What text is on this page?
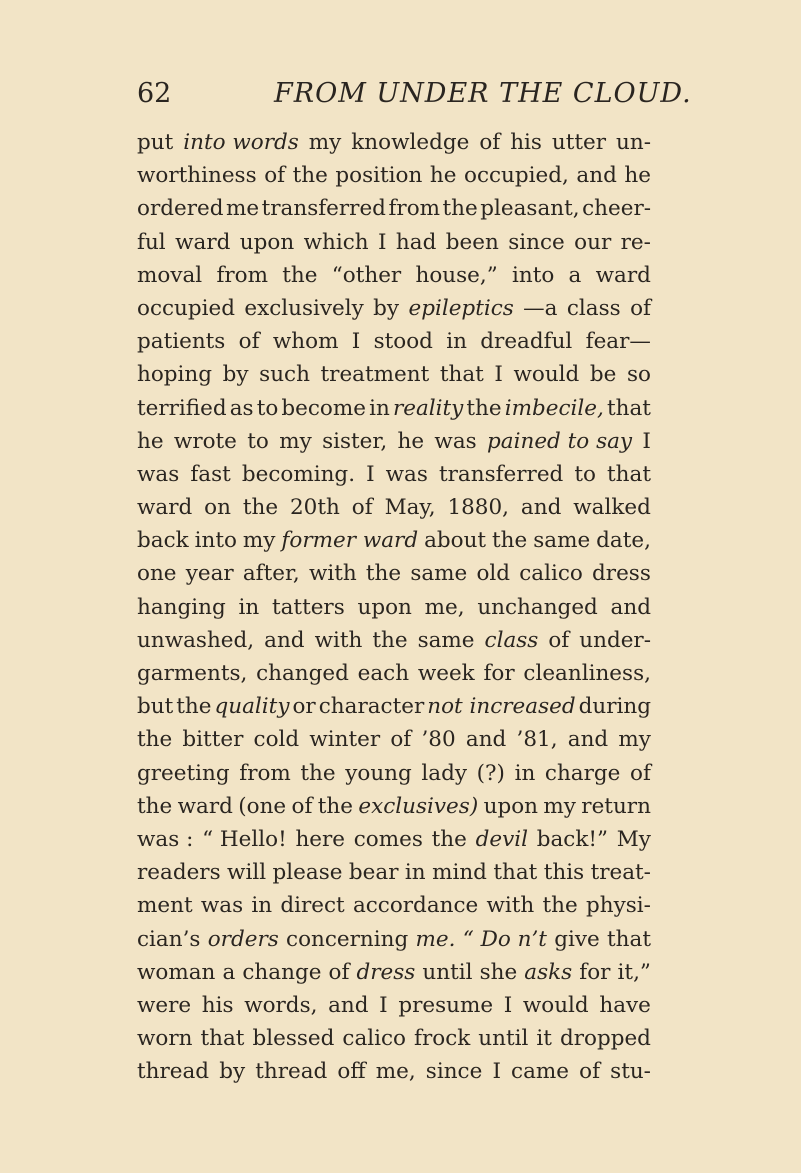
62	FROM UNDER THE CLOUD.
put into words my knowledge of his utter un-
worthiness of the position he occupied, and he
ordered me transferred from the pleasant, cheer-
ful ward upon which I had been since our re-
moval from the “other house,” into a ward
occupied exclusively by epileptics —a class of
patients of whom I stood in dreadful fear—
hoping by such treatment that I would be so
terrified as to become in reality the imbecile, that
he wrote to my sister, he was pained to say I
was fast becoming. I was transferred to that
ward on the 20th of May, 1880, and walked
back into my former ward about the same date,
one year after, with the same old calico dress
hanging in tatters upon me, unchanged and
unwashed, and with the same class of under-
garments, changed each week for cleanliness,
but the quality or character not increased during
the bitter cold winter of ’80 and ’81, and my
greeting from the young lady (?) in charge of
the ward (one of the exclusives) upon my return
was : “ Hello! here comes the devil back!” My
readers will please bear in mind that this treat-
ment was in direct accordance with the physi-
cian’s orders concerning me. “ Do n’t give that
woman a change of dress until she asks for it,”
were his words, and I presume I would have
worn that blessed calico frock until it dropped
thread by thread off me, since I came of stu-
